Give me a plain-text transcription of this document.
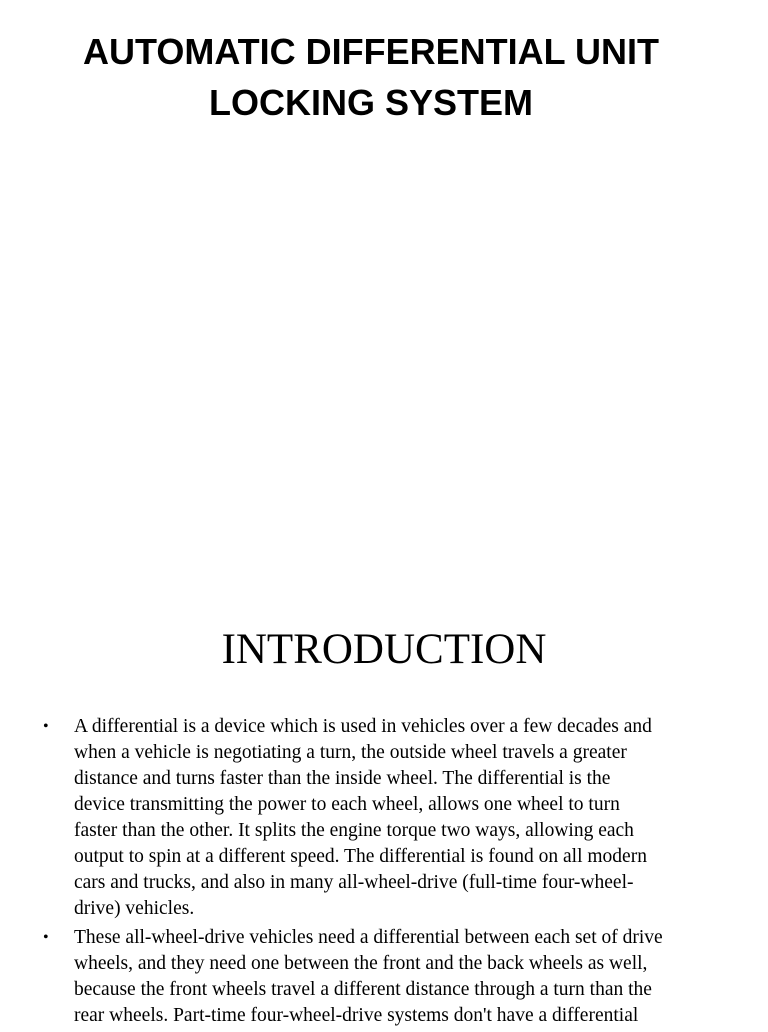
AUTOMATIC DIFFERENTIAL UNIT
LOCKING SYSTEM
INTRODUCTION
• A differential is a device which is used in vehicles over a few decades and
when a vehicle is negotiating a turn, the outside wheel travels a greater
distance and turns faster than the inside wheel. The differential is the
device transmitting the power to each wheel, allows one wheel to turn
faster than the other. It splits the engine torque two ways, allowing each
output to spin at a different speed. The differential is found on all modern
cars and trucks, and also in many all-wheel-drive (full-time four-wheel-
drive) vehicles.
• These all-wheel-drive vehicles need a differential between each set of drive
wheels, and they need one between the front and the back wheels as well,
because the front wheels travel a different distance through a turn than the
rear wheels. Part-time four-wheel-drive systems don't have a differential
